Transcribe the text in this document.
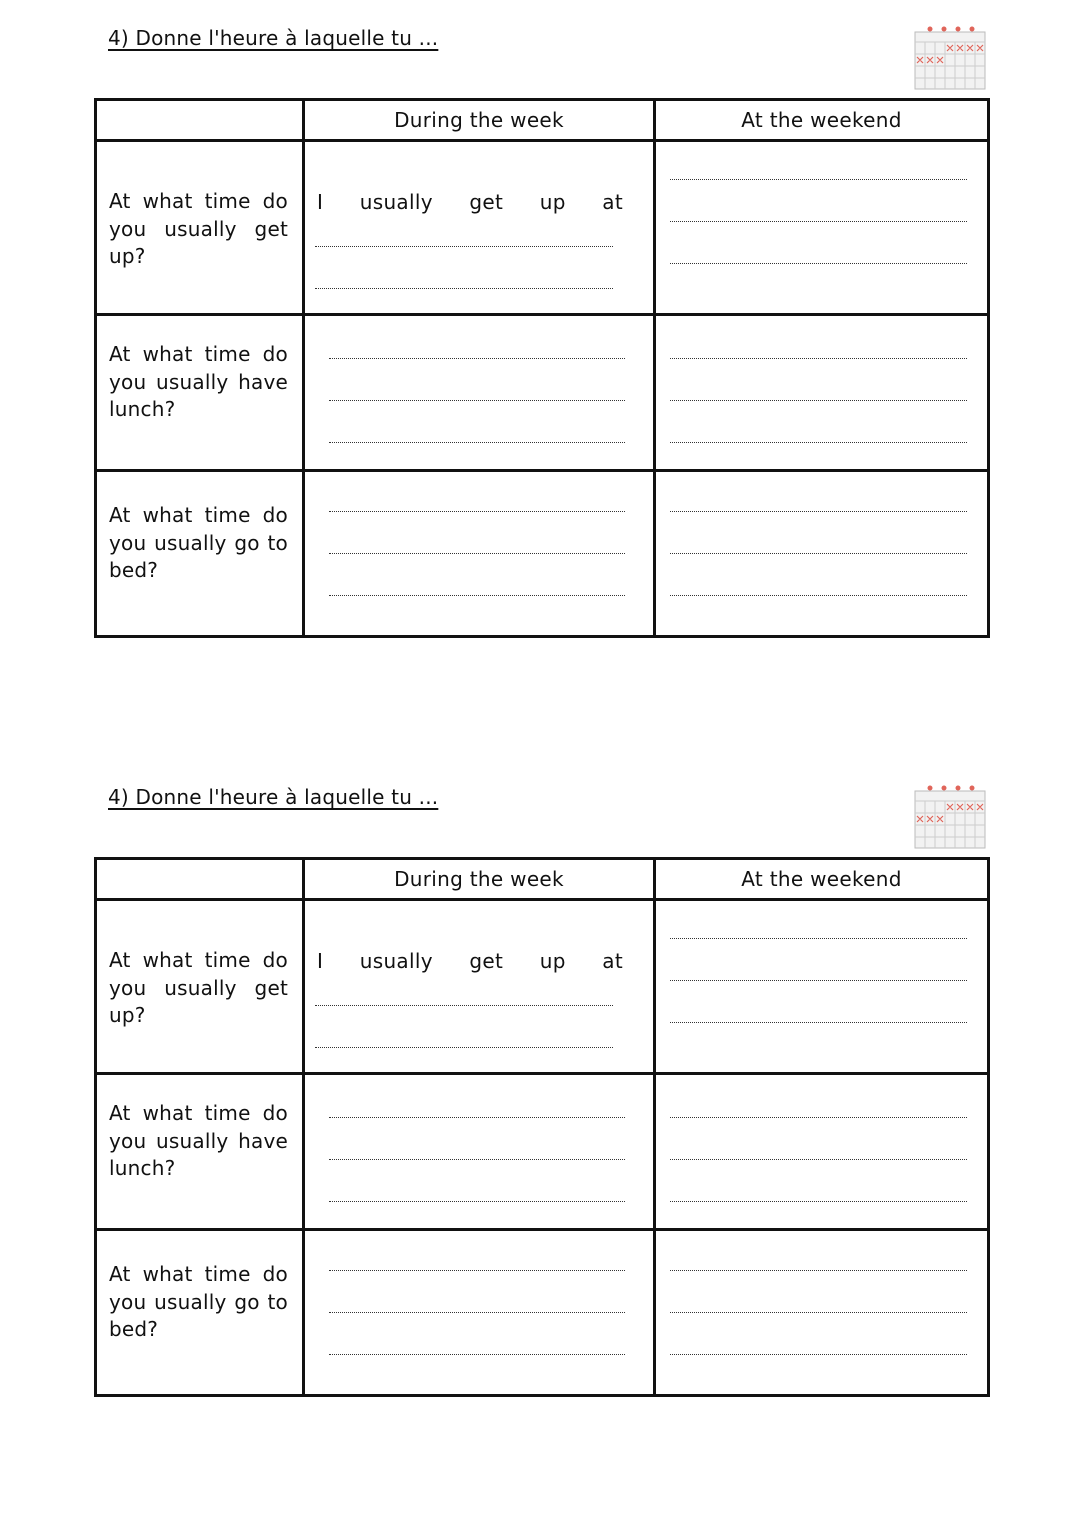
4) Donne l'heure à laquelle tu ...
	During the week	At the weekend

At what time do you usually get up?	I usually get up at	

At what time do you usually have lunch?		

At what time do you usually go to bed?		

4) Donne l'heure à laquelle tu ...
	During the week	At the weekend

At what time do you usually get up?	I usually get up at	

At what time do you usually have lunch?		

At what time do you usually go to bed?		
